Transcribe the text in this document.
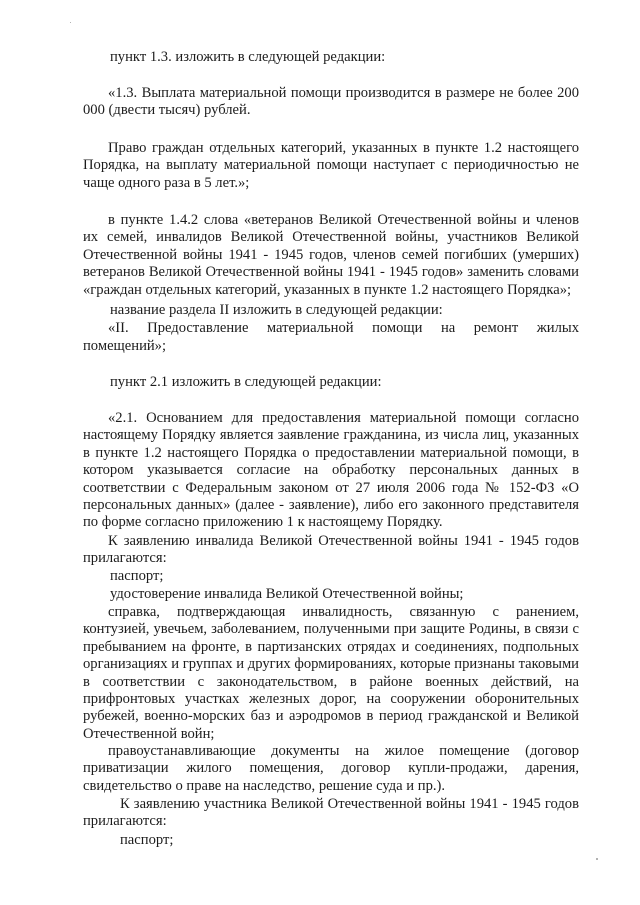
пункт 1.3. изложить в следующей редакции:

«1.3. Выплата материальной помощи производится в размере не более 200 000 (двести тысяч) рублей.

Право граждан отдельных категорий, указанных в пункте 1.2 настоящего Порядка, на выплату материальной помощи наступает с периодичностью не чаще одного раза в 5 лет.»;

в пункте 1.4.2 слова «ветеранов Великой Отечественной войны и членов их семей, инвалидов Великой Отечественной войны, участников Великой Отечественной войны 1941 - 1945 годов, членов семей погибших (умерших) ветеранов Великой Отечественной войны 1941 - 1945 годов» заменить словами «граждан отдельных категорий, указанных в пункте 1.2 настоящего Порядка»;

название раздела II изложить в следующей редакции:

«II. Предоставление материальной помощи на ремонт жилых

помещений»;

пункт 2.1 изложить в следующей редакции:

«2.1. Основанием для предоставления материальной помощи согласно настоящему Порядку является заявление гражданина, из числа лиц, указанных в пункте 1.2 настоящего Порядка о предоставлении материальной помощи, в котором указывается согласие на обработку персональных данных в соответствии с Федеральным законом от 27 июля 2006 года № 152-ФЗ «О персональных данных» (далее - заявление), либо его законного представителя по форме согласно приложению 1 к настоящему Порядку.

К заявлению инвалида Великой Отечественной войны 1941 - 1945 годов прилагаются:

паспорт;

удостоверение инвалида Великой Отечественной войны;

справка, подтверждающая инвалидность, связанную с ранением, контузией, увечьем, заболеванием, полученными при защите Родины, в связи с пребыванием на фронте, в партизанских отрядах и соединениях, подпольных организациях и группах и других формированиях, которые признаны таковыми в соответствии с законодательством, в районе военных действий, на прифронтовых участках железных дорог, на сооружении оборонительных рубежей, военно-морских баз и аэродромов в период гражданской и Великой Отечественной войн;

правоустанавливающие документы на жилое помещение (договор приватизации жилого помещения, договор купли-продажи, дарения, свидетельство о праве на наследство, решение суда и пр.).

К заявлению участника Великой Отечественной войны 1941 - 1945 годов прилагаются:

паспорт;
